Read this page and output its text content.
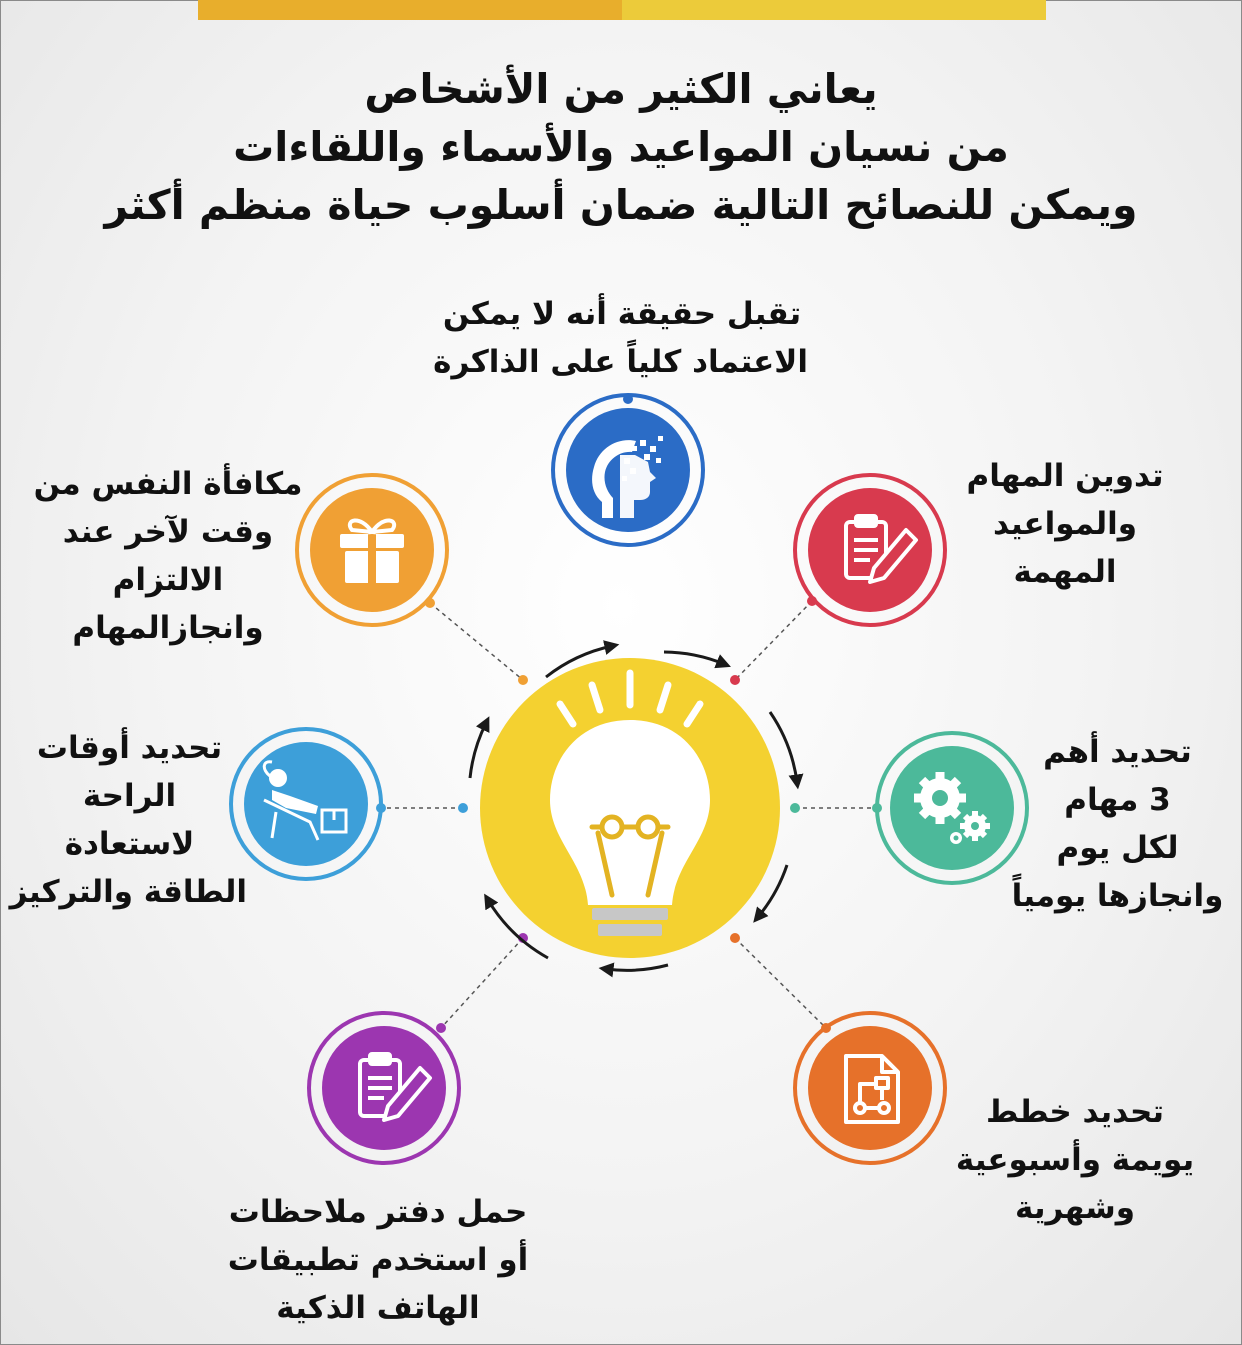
يعاني الكثير من الأشخاص
من نسيان المواعيد والأسماء واللقاءات
ويمكن للنصائح التالية ضمان أسلوب حياة منظم أكثر
تقبل حقيقة أنه لا يمكن
الاعتماد كلياً على الذاكرة
تدوين المهام
والمواعيد
المهمة
تحديد أهم
3 مهام
لكل يوم
وانجازها يومياً
تحديد خطط
يويمة وأسبوعية
وشهرية
حمل دفتر ملاحظات
أو استخدم تطبيقات
الهاتف الذكية
تحديد أوقات
الراحة
لاستعادة
الطاقة والتركيز
مكافأة النفس من
وقت لآخر عند
الالتزام
وانجازالمهام
